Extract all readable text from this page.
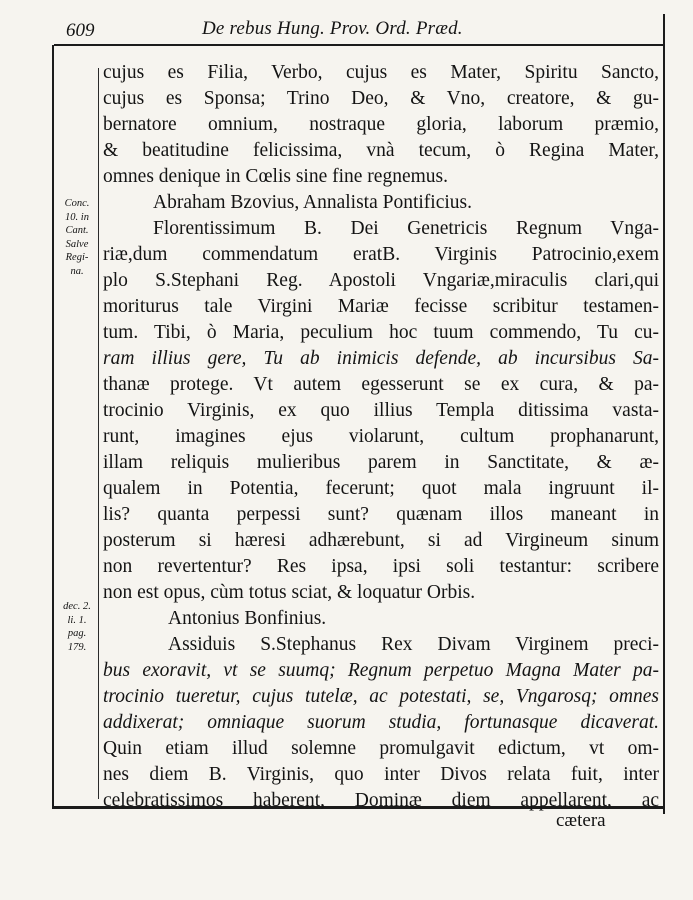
609	De rebus Hung. Prov. Ord. Præd.
Conc.
10. in
Cant.
Salve
Regi-
na.
dec. 2.
li. 1.
pag.
179.
cujus es Filia, Verbo, cujus es Mater, Spiritu Sancto,
cujus es Sponsa; Trino Deo, & Vno, creatore, & gu-
bernatore omnium, nostraque gloria, laborum præmio,
& beatitudine felicissima, vnà tecum, ò Regina Mater,
omnes denique in Cœlis sine fine regnemus.
Abraham Bzovius, Annalista Pontificius.
Florentissimum B. Dei Genetricis Regnum Vnga-
riæ,dum commendatum eratB. Virginis Patrocinio,exem
plo S.Stephani Reg. Apostoli Vngariæ,miraculis clari,qui
moriturus tale Virgini Mariæ fecisse scribitur testamen-
tum. Tibi, ò Maria, peculium hoc tuum commendo, Tu cu-
ram illius gere, Tu ab inimicis defende, ab incursibus Sa-
thanæ protege. Vt autem egesserunt se ex cura, & pa-
trocinio Virginis, ex quo illius Templa ditissima vasta-
runt, imagines ejus violarunt, cultum prophanarunt,
illam reliquis mulieribus parem in Sanctitate, & æ-
qualem in Potentia, fecerunt; quot mala ingruunt il-
lis? quanta perpessi sunt? quænam illos maneant in
posterum si hæresi adhærebunt, si ad Virgineum sinum
non revertentur? Res ipsa, ipsi soli testantur: scribere
non est opus, cùm totus sciat, & loquatur Orbis.
Antonius Bonfinius.
Assiduis S.Stephanus Rex Divam Virginem preci-
bus exoravit, vt se suumq; Regnum perpetuo Magna Mater pa-
trocinio tueretur, cujus tutelæ, ac potestati, se, Vngarosq; omnes
addixerat; omniaque suorum studia, fortunasque dicaverat.
Quin etiam illud solemne promulgavit edictum, vt om-
nes diem B. Virginis, quo inter Divos relata fuit, inter
celebratissimos haberent, Dominæ diem appellarent, ac
cætera
